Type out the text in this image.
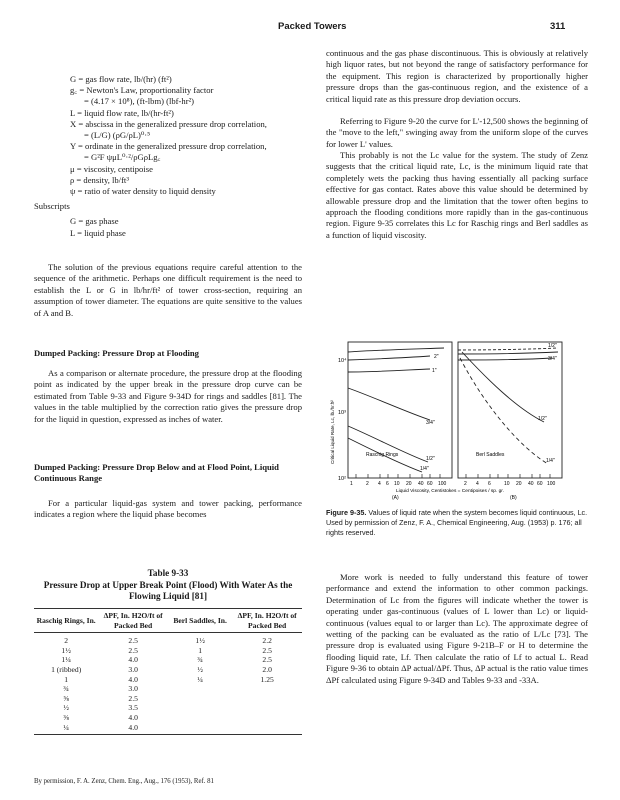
Packed Towers	311
G = gas flow rate, lb/(hr) (ft²)
g꜀ = Newton's Law, proportionality factor
= (4.17 × 10⁸), (ft-lbm) (lbf-hr²)
L = liquid flow rate, lb/(hr-ft²)
X = abscissa in the generalized pressure drop correlation,
= (L/G) (ρG/ρL)⁰·⁵
Y = ordinate in the generalized pressure drop correlation,
= G²F ψμL⁰·²/ρGρLg꜀
μ = viscosity, centipoise
ρ = density, lb/ft³
ψ = ratio of water density to liquid density
Subscripts
G = gas phase
L = liquid phase
The solution of the previous equations require careful attention to the sequence of the arithmetic. Perhaps one difficult requirement is the need to establish the L or G in lb/hr/ft² of tower cross-section, requiring an assumption of tower diameter. The equations are quite sensitive to the values of A and B.
Dumped Packing: Pressure Drop at Flooding
As a comparison or alternate procedure, the pressure drop at the flooding point as indicated by the upper break in the pressure drop curve can be estimated from Table 9-33 and Figure 9-34D for rings and saddles [81]. The values in the table multiplied by the correction ratio gives the pressure drop for the liquid in question, expressed as inches of water.
Dumped Packing: Pressure Drop Below and at Flood Point, Liquid Continuous Range
For a particular liquid-gas system and tower packing, performance indicates a region where the liquid phase becomes
Table 9-33
Pressure Drop at Upper Break Point (Flood) With Water As the Flowing Liquid [81]
Raschig Rings, In.	ΔPF, In. H2O/ft of Packed Bed	Berl Saddles, In.	ΔPF, In. H2O/ft of Packed Bed
2	2.5	1½	2.2
1½	2.5	1	2.5
1¼	4.0	¾	2.5
1 (ribbed)	3.0	½	2.0
1	4.0	¼	1.25
¾	3.0		
⅝	2.5		
½	3.5		
⅜	4.0		
¼	4.0		
By permission, F. A. Zenz, Chem. Eng., Aug., 176 (1953), Ref. 81
continuous and the gas phase discontinuous. This is obviously at relatively high liquor rates, but not beyond the range of satisfactory performance for the equipment. This region is characterized by proportionally higher pressure drops than the gas-continuous region, and the existence of a critical liquid rate as this pressure drop deviation occurs.
Referring to Figure 9-20 the curve for L'-12,500 shows the beginning of the "move to the left," swinging away from the uniform slope of the curves for lower L' values.
This probably is not the Lc value for the system. The study of Zenz suggests that the critical liquid rate, Lc, is the minimum liquid rate that completely wets the packing thus having essentially all packing surface effective for gas contact. Rates above this value should be determined by allowable pressure drop and the limitation that the tower often begins to approach the flooding conditions more rapidly than in the gas-continuous region. Figure 9-35 correlates this Lc for Raschig rings and Berl saddles as a function of liquid viscosity.
10⁴
10³
10²
Critical Liquid Rate, Lc, lb./hr.ft²
1	2 4 6 10 20 40 60 100	2 4 6	10 20 40 60 100
Liquid Viscosity, Centistokes = Centipoises / sp. gr.
(A)	(B)
Raschig Rings	Berl Saddles
2"
1"
3/4"
1/2"
1/4"
1/2"
3/4"
1/2"
1/4"
Figure 9-35. Values of liquid rate when the system becomes liquid continuous, Lc. Used by permission of Zenz, F. A., Chemical Engineering, Aug. (1953) p. 176; all rights reserved.
More work is needed to fully understand this feature of tower performance and extend the information to other common packings. Determination of Lc from the figures will indicate whether the tower is operating under gas-continuous (values of L lower than Lc) or liquid-continuous (values equal to or larger than Lc). The approximate degree of wetting of the packing can be evaluated as the ratio of L/Lc [73]. The pressure drop is evaluated using Figure 9-21B–F or H to determine the flooding liquid rate, Lf. Then calculate the ratio of Lf to actual L. Read Figure 9-36 to obtain ΔP actual/ΔPf. Thus, ΔP actual is the ratio value times ΔPf calculated using Figure 9-34D and Tables 9-33 and -33A.
